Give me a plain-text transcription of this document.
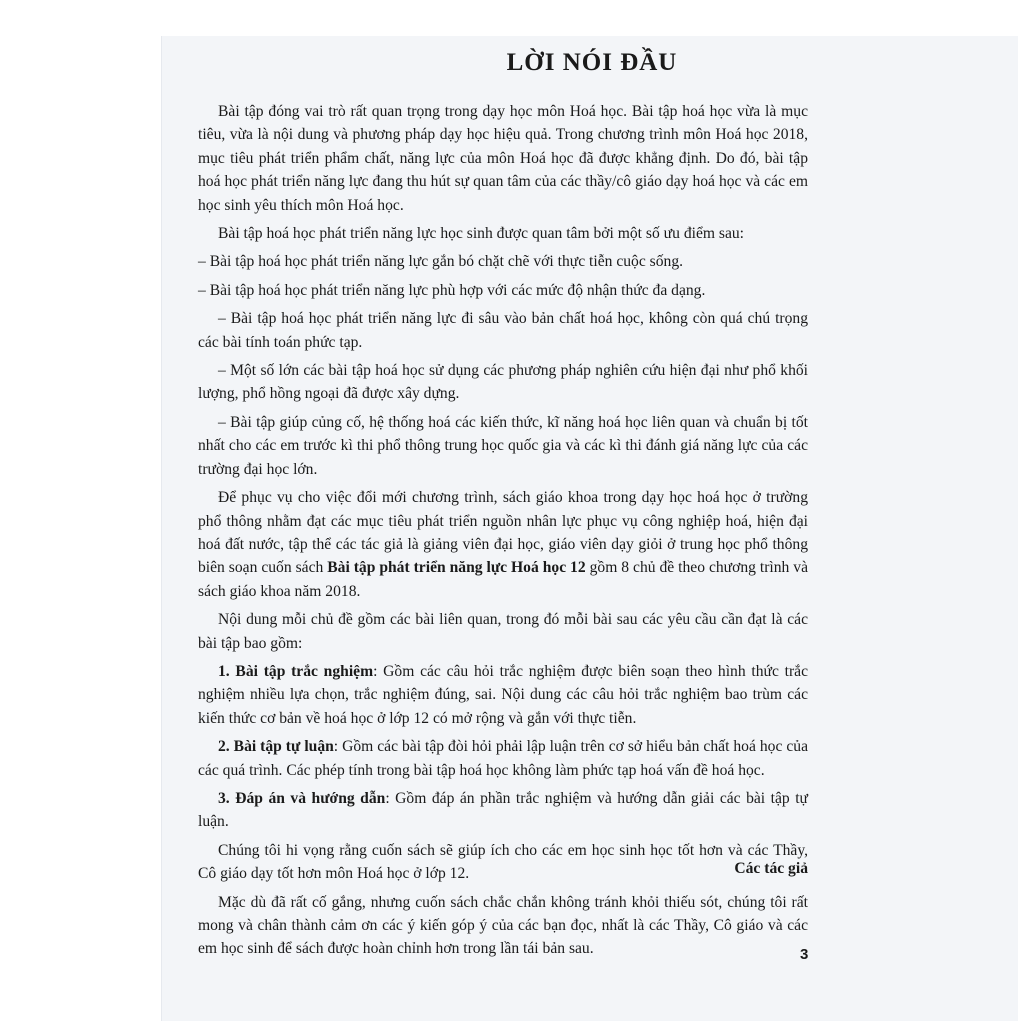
LỜI NÓI ĐẦU

Bài tập đóng vai trò rất quan trọng trong dạy học môn Hoá học. Bài tập hoá học vừa là mục tiêu, vừa là nội dung và phương pháp dạy học hiệu quả. Trong chương trình môn Hoá học 2018, mục tiêu phát triển phẩm chất, năng lực của môn Hoá học đã được khẳng định. Do đó, bài tập hoá học phát triển năng lực đang thu hút sự quan tâm của các thầy/cô giáo dạy hoá học và các em học sinh yêu thích môn Hoá học.

Bài tập hoá học phát triển năng lực học sinh được quan tâm bởi một số ưu điểm sau:

– Bài tập hoá học phát triển năng lực gắn bó chặt chẽ với thực tiễn cuộc sống.

– Bài tập hoá học phát triển năng lực phù hợp với các mức độ nhận thức đa dạng.

– Bài tập hoá học phát triển năng lực đi sâu vào bản chất hoá học, không còn quá chú trọng các bài tính toán phức tạp.

– Một số lớn các bài tập hoá học sử dụng các phương pháp nghiên cứu hiện đại như phổ khối lượng, phổ hồng ngoại đã được xây dựng.

– Bài tập giúp củng cố, hệ thống hoá các kiến thức, kĩ năng hoá học liên quan và chuẩn bị tốt nhất cho các em trước kì thi phổ thông trung học quốc gia và các kì thi đánh giá năng lực của các trường đại học lớn.

Để phục vụ cho việc đổi mới chương trình, sách giáo khoa trong dạy học hoá học ở trường phổ thông nhằm đạt các mục tiêu phát triển nguồn nhân lực phục vụ công nghiệp hoá, hiện đại hoá đất nước, tập thể các tác giả là giảng viên đại học, giáo viên dạy giỏi ở trung học phổ thông biên soạn cuốn sách Bài tập phát triển năng lực Hoá học 12 gồm 8 chủ đề theo chương trình và sách giáo khoa năm 2018.

Nội dung mỗi chủ đề gồm các bài liên quan, trong đó mỗi bài sau các yêu cầu cần đạt là các bài tập bao gồm:

1. Bài tập trắc nghiệm: Gồm các câu hỏi trắc nghiệm được biên soạn theo hình thức trắc nghiệm nhiều lựa chọn, trắc nghiệm đúng, sai. Nội dung các câu hỏi trắc nghiệm bao trùm các kiến thức cơ bản về hoá học ở lớp 12 có mở rộng và gắn với thực tiễn.

2. Bài tập tự luận: Gồm các bài tập đòi hỏi phải lập luận trên cơ sở hiểu bản chất hoá học của các quá trình. Các phép tính trong bài tập hoá học không làm phức tạp hoá vấn đề hoá học.

3. Đáp án và hướng dẫn: Gồm đáp án phần trắc nghiệm và hướng dẫn giải các bài tập tự luận.

Chúng tôi hi vọng rằng cuốn sách sẽ giúp ích cho các em học sinh học tốt hơn và các Thầy, Cô giáo dạy tốt hơn môn Hoá học ở lớp 12.

Mặc dù đã rất cố gắng, nhưng cuốn sách chắc chắn không tránh khỏi thiếu sót, chúng tôi rất mong và chân thành cảm ơn các ý kiến góp ý của các bạn đọc, nhất là các Thầy, Cô giáo và các em học sinh để sách được hoàn chỉnh hơn trong lần tái bản sau.

Các tác giả
3
